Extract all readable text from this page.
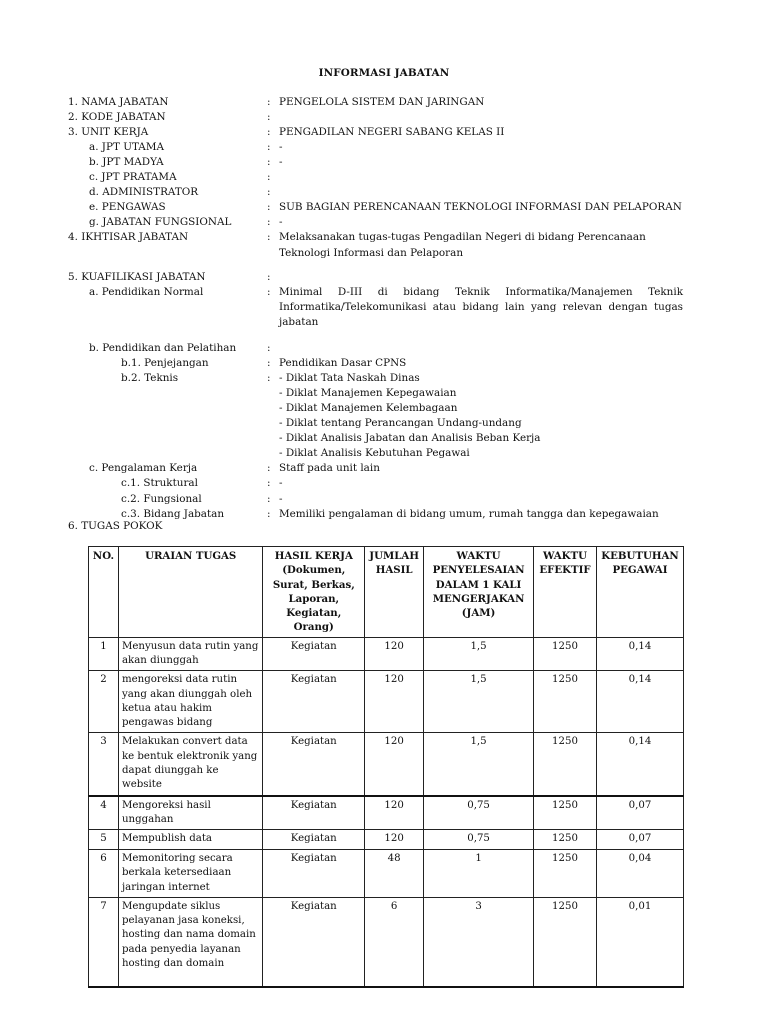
INFORMASI JABATAN
1. NAMA JABATAN	: PENGELOLA SISTEM DAN JARINGAN
2. KODE JABATAN	:
3. UNIT KERJA	: PENGADILAN NEGERI SABANG KELAS II
a. JPT UTAMA	: -
b. JPT MADYA	: -
c. JPT PRATAMA	:
d. ADMINISTRATOR	:
e. PENGAWAS	: SUB BAGIAN PERENCANAAN TEKNOLOGI INFORMASI DAN PELAPORAN
g. JABATAN FUNGSIONAL	: -
4. IKHTISAR JABATAN	: Melaksanakan tugas-tugas Pengadilan Negeri di bidang Perencanaan Teknologi Informasi dan Pelaporan
5. KUAFILIKASI JABATAN	:
a. Pendidikan Normal	: Minimal D-III di bidang Teknik Informatika/Manajemen Teknik Informatika/Telekomunikasi atau bidang lain yang relevan dengan tugas jabatan
b. Pendidikan dan Pelatihan	:
b.1. Penjejangan	: Pendidikan Dasar CPNS
b.2. Teknis	: - Diklat Tata Naskah Dinas
- Diklat Manajemen Kepegawaian
- Diklat Manajemen Kelembagaan
- Diklat tentang Perancangan Undang-undang
- Diklat Analisis Jabatan dan Analisis Beban Kerja
- Diklat Analisis Kebutuhan Pegawai
c. Pengalaman Kerja	: Staff pada unit lain
c.1. Struktural	: -
c.2. Fungsional	: -
c.3. Bidang Jabatan	: Memiliki pengalaman di bidang umum, rumah tangga dan kepegawaian
6. TUGAS POKOK
NO.	URAIAN TUGAS	HASIL KERJA (Dokumen, Surat, Berkas, Laporan, Kegiatan, Orang)	JUMLAH HASIL	WAKTU PENYELESAIAN DALAM 1 KALI MENGERJAKAN (JAM)	WAKTU EFEKTIF	KEBUTUHAN PEGAWAI
1	Menyusun data rutin yang akan diunggah	Kegiatan	120	1,5	1250	0,14
2	mengoreksi data rutin yang akan diunggah oleh ketua atau hakim pengawas bidang	Kegiatan	120	1,5	1250	0,14
3	Melakukan convert data ke bentuk elektronik yang dapat diunggah ke website	Kegiatan	120	1,5	1250	0,14
4	Mengoreksi hasil unggahan	Kegiatan	120	0,75	1250	0,07
5	Mempublish data	Kegiatan	120	0,75	1250	0,07
6	Memonitoring secara berkala ketersediaan jaringan internet	Kegiatan	48	1	1250	0,04
7	Mengupdate siklus pelayanan jasa koneksi, hosting dan nama domain pada penyedia layanan hosting dan domain	Kegiatan	6	3	1250	0,01
